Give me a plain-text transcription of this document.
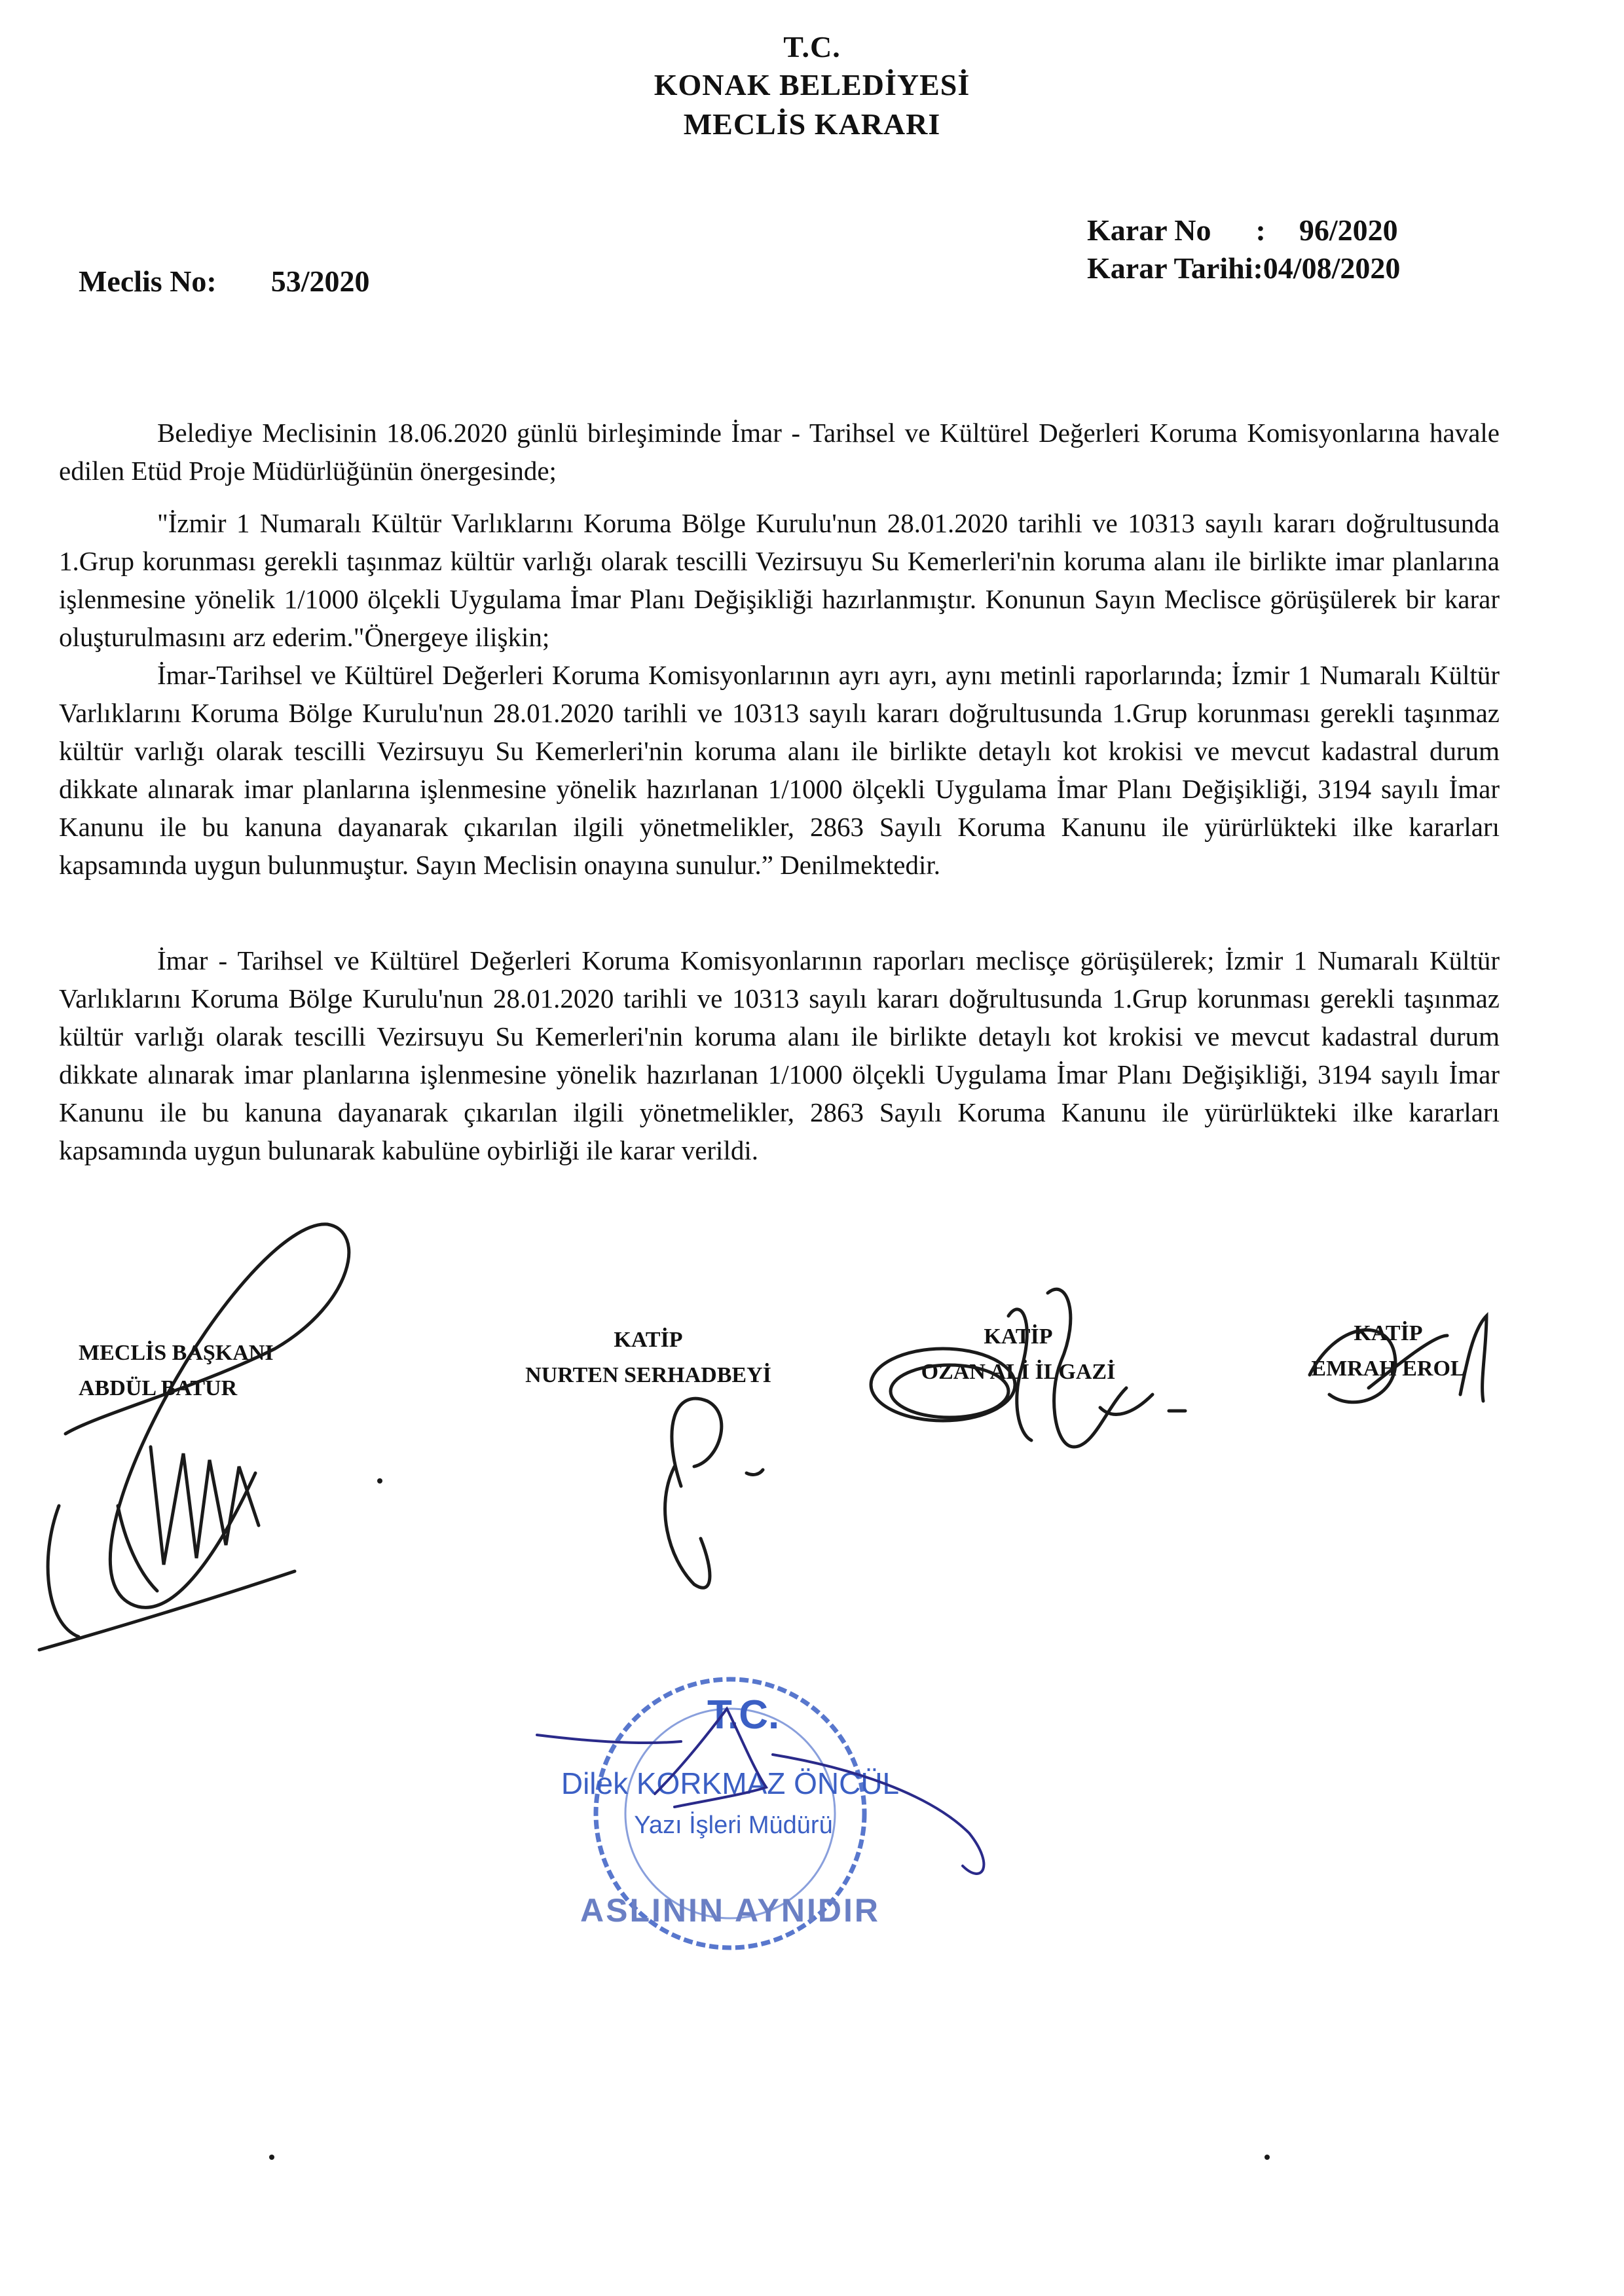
T.C.
KONAK BELEDİYESİ
MECLİS KARARI
Karar No : 96/2020
Karar Tarihi:04/08/2020
Meclis No: 53/2020

Belediye Meclisinin 18.06.2020 günlü birleşiminde İmar - Tarihsel ve Kültürel Değerleri Koruma Komisyonlarına havale edilen Etüd Proje Müdürlüğünün önergesinde;

"İzmir 1 Numaralı Kültür Varlıklarını Koruma Bölge Kurulu'nun 28.01.2020 tarihli ve 10313 sayılı kararı doğrultusunda 1.Grup korunması gerekli taşınmaz kültür varlığı olarak tescilli Vezirsuyu Su Kemerleri'nin koruma alanı ile birlikte imar planlarına işlenmesine yönelik 1/1000 ölçekli Uygulama İmar Planı Değişikliği hazırlanmıştır. Konunun Sayın Meclisce görüşülerek bir karar oluşturulmasını arz ederim."Önergeye ilişkin;

İmar-Tarihsel ve Kültürel Değerleri Koruma Komisyonlarının ayrı ayrı, aynı metinli raporlarında; İzmir 1 Numaralı Kültür Varlıklarını Koruma Bölge Kurulu'nun 28.01.2020 tarihli ve 10313 sayılı kararı doğrultusunda 1.Grup korunması gerekli taşınmaz kültür varlığı olarak tescilli Vezirsuyu Su Kemerleri'nin koruma alanı ile birlikte detaylı kot krokisi ve mevcut kadastral durum dikkate alınarak imar planlarına işlenmesine yönelik hazırlanan 1/1000 ölçekli Uygulama İmar Planı Değişikliği, 3194 sayılı İmar Kanunu ile bu kanuna dayanarak çıkarılan ilgili yönetmelikler, 2863 Sayılı Koruma Kanunu ile yürürlükteki ilke kararları kapsamında uygun bulunmuştur. Sayın Meclisin onayına sunulur.” Denilmektedir.

İmar - Tarihsel ve Kültürel Değerleri Koruma Komisyonlarının raporları meclisçe görüşülerek; İzmir 1 Numaralı Kültür Varlıklarını Koruma Bölge Kurulu'nun 28.01.2020 tarihli ve 10313 sayılı kararı doğrultusunda 1.Grup korunması gerekli taşınmaz kültür varlığı olarak tescilli Vezirsuyu Su Kemerleri'nin koruma alanı ile birlikte detaylı kot krokisi ve mevcut kadastral durum dikkate alınarak imar planlarına işlenmesine yönelik hazırlanan 1/1000 ölçekli Uygulama İmar Planı Değişikliği, 3194 sayılı İmar Kanunu ile bu kanuna dayanarak çıkarılan ilgili yönetmelikler, 2863 Sayılı Koruma Kanunu ile yürürlükteki ilke kararları kapsamında uygun bulunarak kabulüne oybirliği ile karar verildi.

MECLİS BAŞKANI
ABDÜL BATUR
KATİP
NURTEN SERHADBEYİ
KATİP
OZAN ALİ İLGAZİ
KATİP
EMRAH EROL
T.C.
Dilek KORKMAZ ÖNCÜL
Yazı İşleri Müdürü
ASLININ AYNIDIR
